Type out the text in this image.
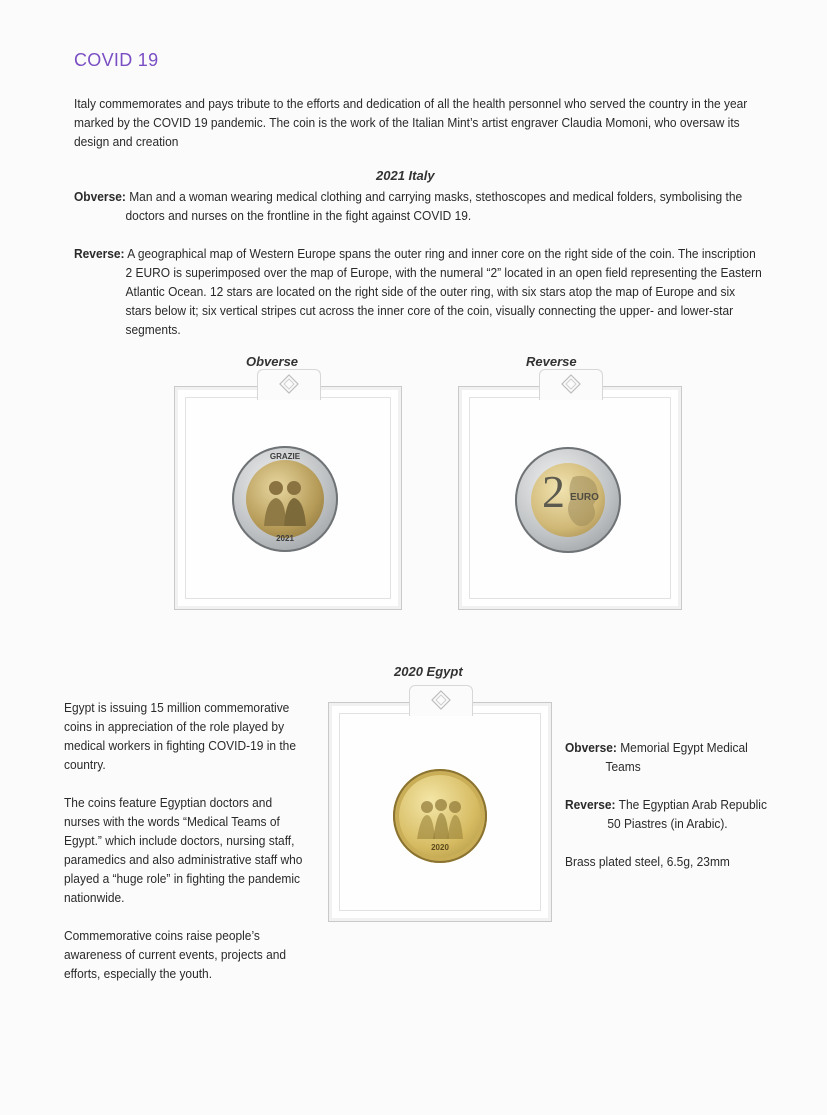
COVID 19
Italy commemorates and pays tribute to the efforts and dedication of all the health personnel who served the country in the year marked by the COVID 19 pandemic. The coin is the work of the Italian Mint’s artist engraver Claudia Momoni, who oversaw its design and creation
2021 Italy
Obverse: Man and a woman wearing medical clothing and carrying masks, stethoscopes and medical folders, symbolising the doctors and nurses on the frontline in the fight against COVID 19.
Reverse: A geographical map of Western Europe spans the outer ring and inner core on the right side of the coin. The inscription 2 EURO is superimposed over the map of Europe, with the numeral “2” located in an open field representing the Eastern Atlantic Ocean. 12 stars are located on the right side of the outer ring, with six stars atop the map of Europe and six stars below it; six vertical stripes cut across the inner core of the coin, visually connecting the upper- and lower-star segments.
Obverse	Reverse
GRAZIE
2021
2 EURO
2020 Egypt

Egypt is issuing 15 million commemorative coins in appreciation of the role played by medical workers in fighting COVID-19 in the country.

The coins feature Egyptian doctors and nurses with the words “Medical Teams of Egypt.” which include doctors, nursing staff, paramedics and also administrative staff who played a “huge role” in fighting the pandemic nationwide.

Commemorative coins raise people’s awareness of current events, projects and efforts, especially the youth.

2020

Obverse: Memorial Egypt Medical
Teams

Reverse: The Egyptian Arab Republic
50 Piastres (in Arabic).

Brass plated steel, 6.5g, 23mm
